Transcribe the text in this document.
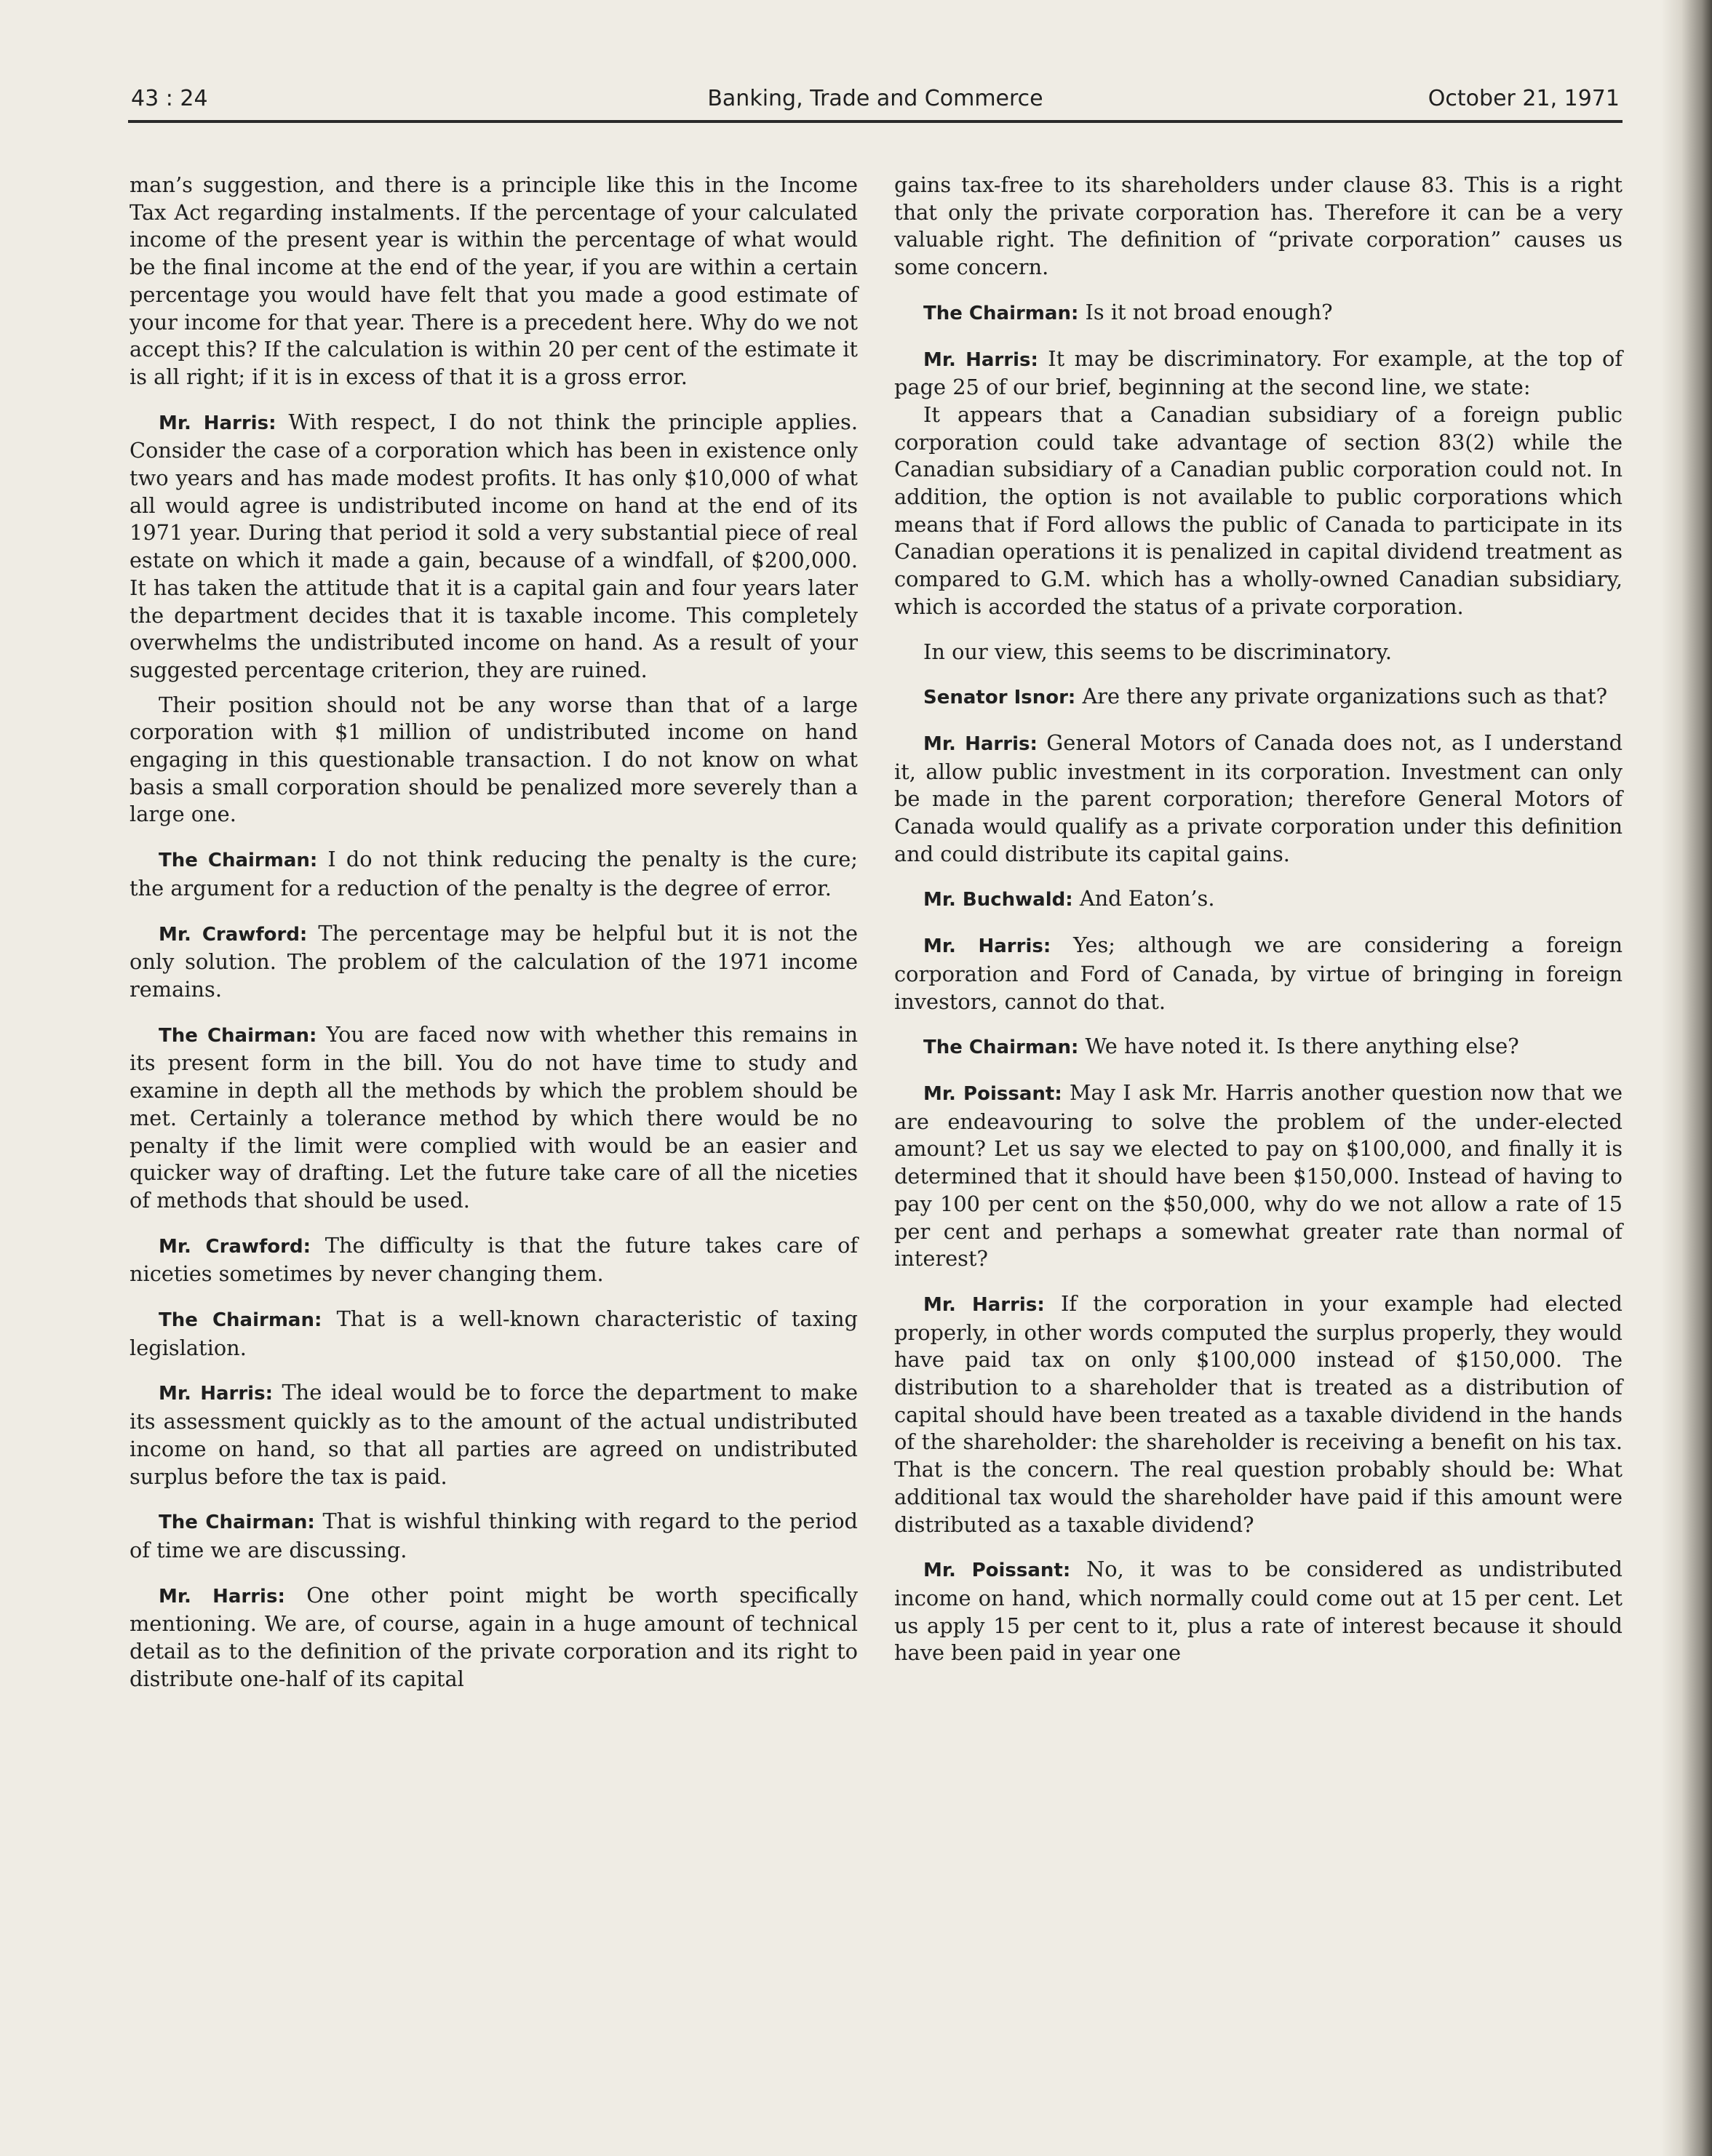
Banking, Trade and Commerce
43 : 24	October 21, 1971

man’s suggestion, and there is a principle like this in the Income Tax Act regarding instalments. If the percentage of your calculated income of the present year is within the percentage of what would be the final income at the end of the year, if you are within a certain percentage you would have felt that you made a good estimate of your income for that year. There is a precedent here. Why do we not accept this? If the calculation is within 20 per cent of the estimate it is all right; if it is in excess of that it is a gross error.

Mr. Harris: With respect, I do not think the principle applies. Consider the case of a corporation which has been in existence only two years and has made modest profits. It has only $10,000 of what all would agree is undistributed income on hand at the end of its 1971 year. During that period it sold a very substantial piece of real estate on which it made a gain, because of a windfall, of $200,000. It has taken the attitude that it is a capital gain and four years later the department decides that it is taxable income. This completely overwhelms the undistributed income on hand. As a result of your suggested percentage criterion, they are ruined.

Their position should not be any worse than that of a large corporation with $1 million of undistributed income on hand engaging in this questionable transaction. I do not know on what basis a small corporation should be penalized more severely than a large one.

The Chairman: I do not think reducing the penalty is the cure; the argument for a reduction of the penalty is the degree of error.

Mr. Crawford: The percentage may be helpful but it is not the only solution. The problem of the calculation of the 1971 income remains.

The Chairman: You are faced now with whether this remains in its present form in the bill. You do not have time to study and examine in depth all the methods by which the problem should be met. Certainly a tolerance method by which there would be no penalty if the limit were complied with would be an easier and quicker way of drafting. Let the future take care of all the niceties of methods that should be used.

Mr. Crawford: The difficulty is that the future takes care of niceties sometimes by never changing them.

The Chairman: That is a well-known characteristic of taxing legislation.

Mr. Harris: The ideal would be to force the department to make its assessment quickly as to the amount of the actual undistributed income on hand, so that all parties are agreed on undistributed surplus before the tax is paid.

The Chairman: That is wishful thinking with regard to the period of time we are discussing.

Mr. Harris: One other point might be worth specifically mentioning. We are, of course, again in a huge amount of technical detail as to the definition of the private corporation and its right to distribute one-half of its capital

gains tax-free to its shareholders under clause 83. This is a right that only the private corporation has. Therefore it can be a very valuable right. The definition of “private corporation” causes us some concern.

The Chairman: Is it not broad enough?

Mr. Harris: It may be discriminatory. For example, at the top of page 25 of our brief, beginning at the second line, we state:

It appears that a Canadian subsidiary of a foreign public corporation could take advantage of section 83(2) while the Canadian subsidiary of a Canadian public corporation could not. In addition, the option is not available to public corporations which means that if Ford allows the public of Canada to participate in its Canadian operations it is penalized in capital dividend treatment as compared to G.M. which has a wholly-owned Canadian subsidiary, which is accorded the status of a private corporation.

In our view, this seems to be discriminatory.

Senator Isnor: Are there any private organizations such as that?

Mr. Harris: General Motors of Canada does not, as I understand it, allow public investment in its corporation. Investment can only be made in the parent corporation; therefore General Motors of Canada would qualify as a private corporation under this definition and could distribute its capital gains.

Mr. Buchwald: And Eaton’s.

Mr. Harris: Yes; although we are considering a foreign corporation and Ford of Canada, by virtue of bringing in foreign investors, cannot do that.

The Chairman: We have noted it. Is there anything else?

Mr. Poissant: May I ask Mr. Harris another question now that we are endeavouring to solve the problem of the under-elected amount? Let us say we elected to pay on $100,000, and finally it is determined that it should have been $150,000. Instead of having to pay 100 per cent on the $50,000, why do we not allow a rate of 15 per cent and perhaps a somewhat greater rate than normal of interest?

Mr. Harris: If the corporation in your example had elected properly, in other words computed the surplus properly, they would have paid tax on only $100,000 instead of $150,000. The distribution to a shareholder that is treated as a distribution of capital should have been treated as a taxable dividend in the hands of the shareholder: the shareholder is receiving a benefit on his tax. That is the concern. The real question probably should be: What additional tax would the shareholder have paid if this amount were distributed as a taxable dividend?

Mr. Poissant: No, it was to be considered as undistributed income on hand, which normally could come out at 15 per cent. Let us apply 15 per cent to it, plus a rate of interest because it should have been paid in year one
